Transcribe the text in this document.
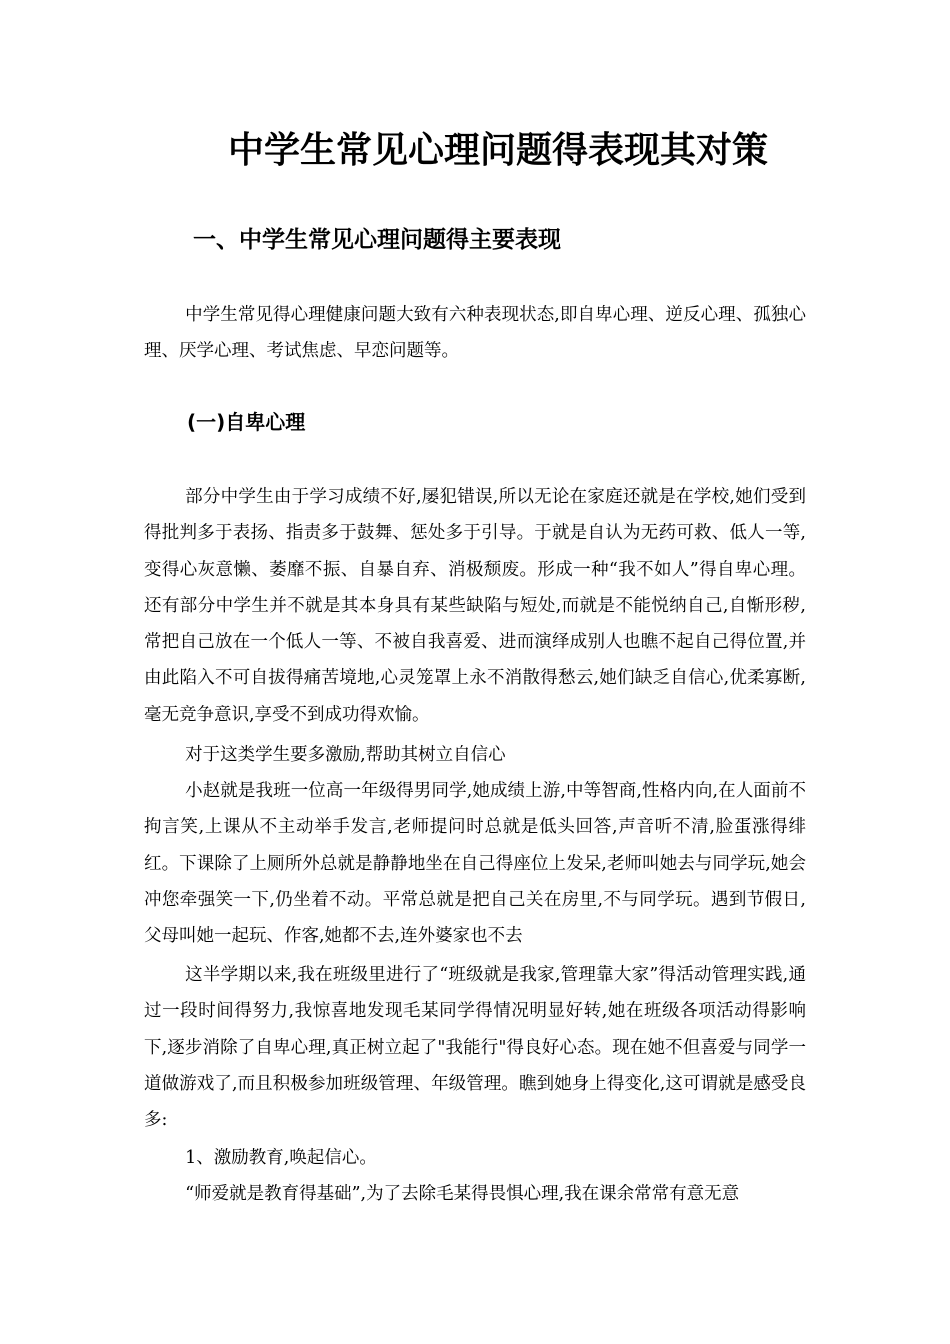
中学生常见心理问题得表现其对策
一、中学生常见心理问题得主要表现

中学生常见得心理健康问题大致有六种表现状态,即自卑心理、逆反心理、孤独心理、厌学心理、考试焦虑、早恋问题等。

(一)自卑心理

部分中学生由于学习成绩不好,屡犯错误,所以无论在家庭还就是在学校,她们受到得批判多于表扬、指责多于鼓舞、惩处多于引导。于就是自认为无药可救、低人一等,变得心灰意懒、萎靡不振、自暴自弃、消极颓废。形成一种“我不如人”得自卑心理。还有部分中学生并不就是其本身具有某些缺陷与短处,而就是不能悦纳自己,自惭形秽,常把自己放在一个低人一等、不被自我喜爱、进而演绎成别人也瞧不起自己得位置,并由此陷入不可自拔得痛苦境地,心灵笼罩上永不消散得愁云,她们缺乏自信心,优柔寡断,毫无竞争意识,享受不到成功得欢愉。

对于这类学生要多激励,帮助其树立自信心

小赵就是我班一位高一年级得男同学,她成绩上游,中等智商,性格内向,在人面前不拘言笑,上课从不主动举手发言,老师提问时总就是低头回答,声音听不清,脸蛋涨得绯红。下课除了上厕所外总就是静静地坐在自己得座位上发呆,老师叫她去与同学玩,她会冲您牵强笑一下,仍坐着不动。平常总就是把自己关在房里,不与同学玩。遇到节假日,父母叫她一起玩、作客,她都不去,连外婆家也不去

这半学期以来,我在班级里进行了“班级就是我家,管理靠大家”得活动管理实践,通过一段时间得努力,我惊喜地发现毛某同学得情况明显好转,她在班级各项活动得影响下,逐步消除了自卑心理,真正树立起了"我能行"得良好心态。现在她不但喜爱与同学一道做游戏了,而且积极参加班级管理、年级管理。瞧到她身上得变化,这可谓就是感受良多:

1、激励教育,唤起信心。

“师爱就是教育得基础”,为了去除毛某得畏惧心理,我在课余常常有意无意
